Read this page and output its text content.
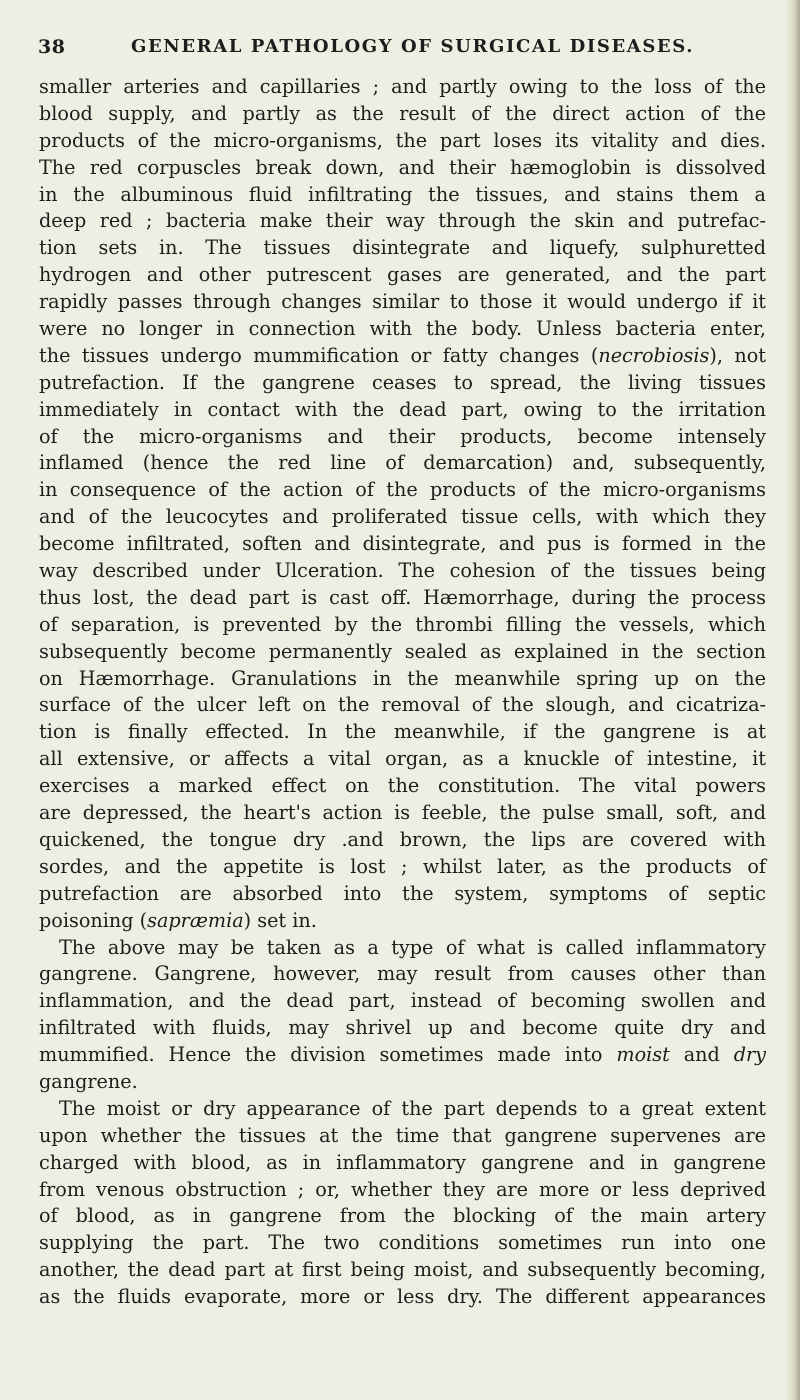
38	GENERAL PATHOLOGY OF SURGICAL DISEASES.
smaller arteries and capillaries ; and partly owing to the loss of the
blood supply, and partly as the result of the direct action of the
products of the micro-organisms, the part loses its vitality and dies.
The red corpuscles break down, and their hæmoglobin is dissolved
in the albuminous fluid infiltrating the tissues, and stains them a
deep red ; bacteria make their way through the skin and putrefac-
tion sets in. The tissues disintegrate and liquefy, sulphuretted
hydrogen and other putrescent gases are generated, and the part
rapidly passes through changes similar to those it would undergo if it
were no longer in connection with the body. Unless bacteria enter,
the tissues undergo mummification or fatty changes (necrobiosis), not
putrefaction. If the gangrene ceases to spread, the living tissues
immediately in contact with the dead part, owing to the irritation
of the micro-organisms and their products, become intensely
inflamed (hence the red line of demarcation) and, subsequently,
in consequence of the action of the products of the micro-organisms
and of the leucocytes and proliferated tissue cells, with which they
become infiltrated, soften and disintegrate, and pus is formed in the
way described under Ulceration. The cohesion of the tissues being
thus lost, the dead part is cast off. Hæmorrhage, during the process
of separation, is prevented by the thrombi filling the vessels, which
subsequently become permanently sealed as explained in the section
on Hæmorrhage. Granulations in the meanwhile spring up on the
surface of the ulcer left on the removal of the slough, and cicatriza-
tion is finally effected. In the meanwhile, if the gangrene is at
all extensive, or affects a vital organ, as a knuckle of intestine, it
exercises a marked effect on the constitution. The vital powers
are depressed, the heart's action is feeble, the pulse small, soft, and
quickened, the tongue dry .and brown, the lips are covered with
sordes, and the appetite is lost ; whilst later, as the products of
putrefaction are absorbed into the system, symptoms of septic
poisoning (sapræmia) set in.
The above may be taken as a type of what is called inflammatory
gangrene. Gangrene, however, may result from causes other than
inflammation, and the dead part, instead of becoming swollen and
infiltrated with fluids, may shrivel up and become quite dry and
mummified. Hence the division sometimes made into moist and dry
gangrene.
The moist or dry appearance of the part depends to a great extent
upon whether the tissues at the time that gangrene supervenes are
charged with blood, as in inflammatory gangrene and in gangrene
from venous obstruction ; or, whether they are more or less deprived
of blood, as in gangrene from the blocking of the main artery
supplying the part. The two conditions sometimes run into one
another, the dead part at first being moist, and subsequently becoming,
as the fluids evaporate, more or less dry. The different appearances
